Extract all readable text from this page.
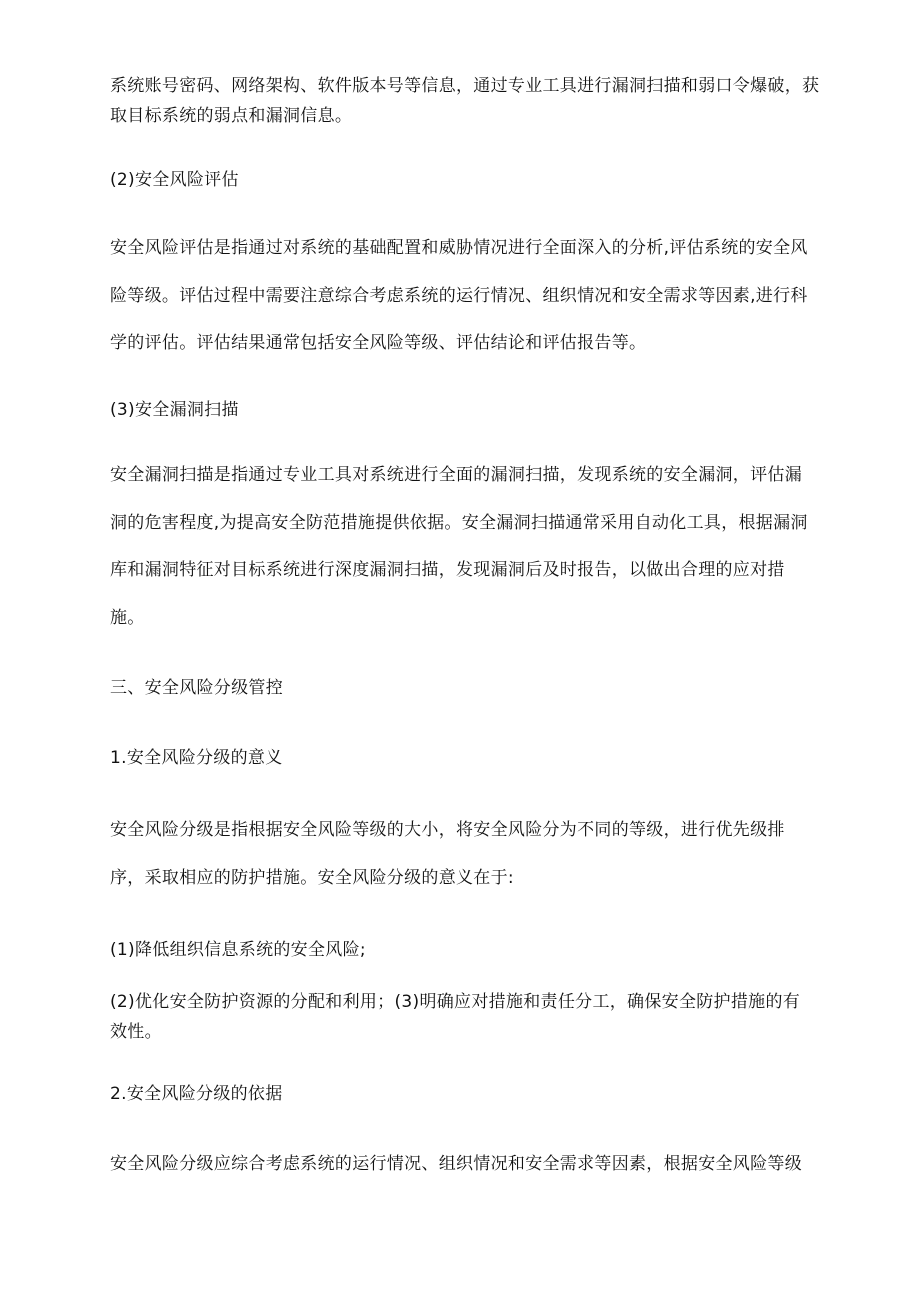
系统账号密码、网络架构、软件版本号等信息，通过专业工具进行漏洞扫描和弱口令爆破，获
取目标系统的弱点和漏洞信息。
(2)安全风险评估
安全风险评估是指通过对系统的基础配置和威胁情况进行全面深入的分析,评估系统的安全风
险等级。评估过程中需要注意综合考虑系统的运行情况、组织情况和安全需求等因素,进行科
学的评估。评估结果通常包括安全风险等级、评估结论和评估报告等。
(3)安全漏洞扫描
安全漏洞扫描是指通过专业工具对系统进行全面的漏洞扫描，发现系统的安全漏洞，评估漏
洞的危害程度,为提高安全防范措施提供依据。安全漏洞扫描通常采用自动化工具，根据漏洞
库和漏洞特征对目标系统进行深度漏洞扫描，发现漏洞后及时报告，以做出合理的应对措
施。
三、安全风险分级管控
1.安全风险分级的意义
安全风险分级是指根据安全风险等级的大小，将安全风险分为不同的等级，进行优先级排
序，采取相应的防护措施。安全风险分级的意义在于:
(1)降低组织信息系统的安全风险;
(2)优化安全防护资源的分配和利用；(3)明确应对措施和责任分工，确保安全防护措施的有
效性。
2.安全风险分级的依据
安全风险分级应综合考虑系统的运行情况、组织情况和安全需求等因素，根据安全风险等级
